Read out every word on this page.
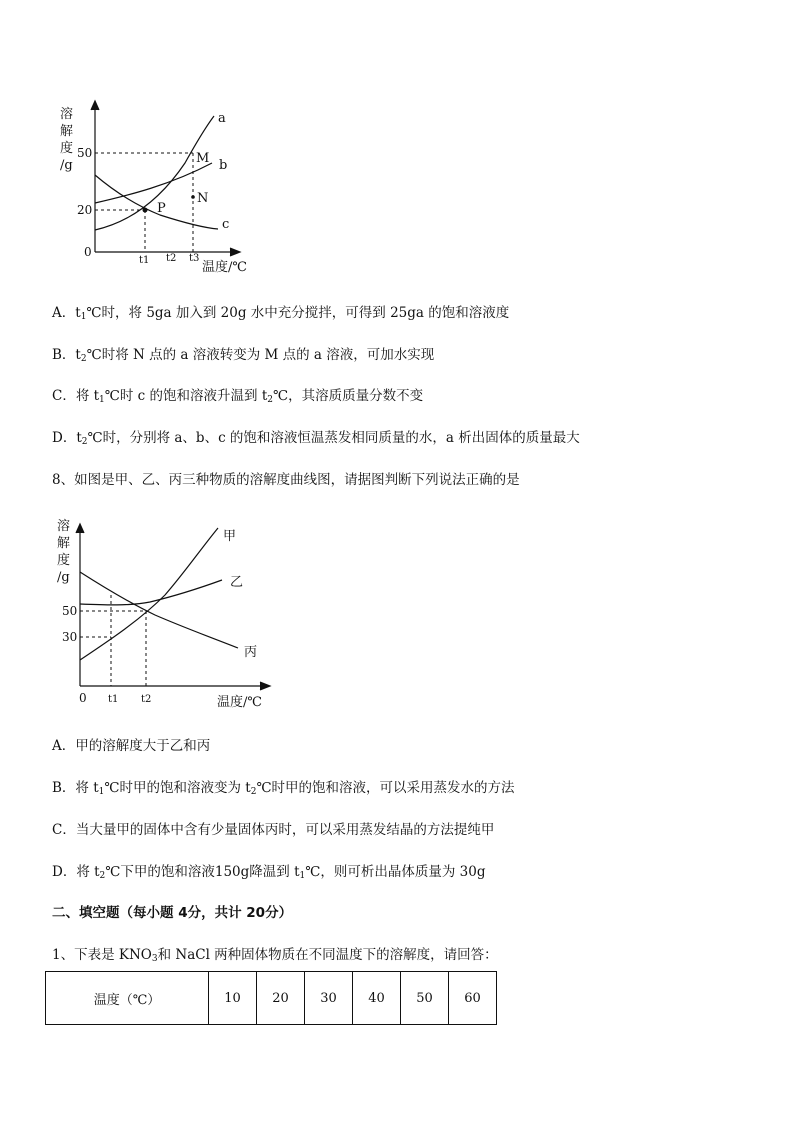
溶
解
度
/g
50
20
0
t1 t2 t3
温度/℃
a
b
c
M
N
P
A．$t_1℃$时，将 5ga 加入到 20g 水中充分搅拌，可得到 25ga 的饱和溶液度
B．$t_2℃$时将 N 点的 a 溶液转变为 M 点的 a 溶液，可加水实现
C．将 $t_1℃$时 c 的饱和溶液升温到 $t_2℃$，其溶质质量分数不变
D．$t_2℃$时，分别将 a、b、c 的饱和溶液恒温蒸发相同质量的水，a 析出固体的质量最大
8、如图是甲、乙、丙三种物质的溶解度曲线图，请据图判断下列说法正确的是
溶
解
度
/g
50
30
0 t1 t2	温度/℃
甲
乙
丙
A．甲的溶解度大于乙和丙
B．将 $t_1℃$时甲的饱和溶液变为 $t_2℃$时甲的饱和溶液，可以采用蒸发水的方法
C．当大量甲的固体中含有少量固体丙时，可以采用蒸发结晶的方法提纯甲
D．将 $t_2℃$下甲的饱和溶液150g降温到 $t_1℃$，则可析出晶体质量为 30g
二、填空题（每小题 4分，共计 20分）
1、下表是 $KNO_3$和 NaCl 两种固体物质在不同温度下的溶解度，请回答：
温度（℃）	10	20	30	40	50	60
